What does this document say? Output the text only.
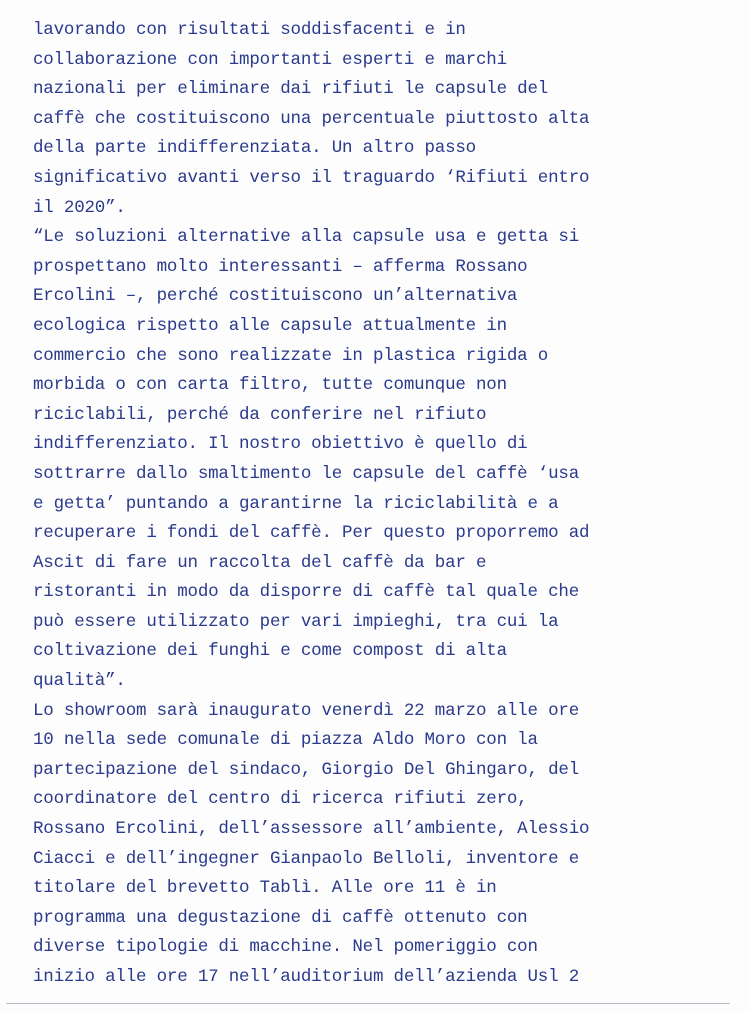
lavorando con risultati soddisfacenti e in
collaborazione con importanti esperti e marchi
nazionali per eliminare dai rifiuti le capsule del
caffè che costituiscono una percentuale piuttosto alta
della parte indifferenziata. Un altro passo
significativo avanti verso il traguardo ‘Rifiuti entro
il 2020”.
“Le soluzioni alternative alla capsule usa e getta si
prospettano molto interessanti – afferma Rossano
Ercolini –, perché costituiscono un’alternativa
ecologica rispetto alle capsule attualmente in
commercio che sono realizzate in plastica rigida o
morbida o con carta filtro, tutte comunque non
riciclabili, perché da conferire nel rifiuto
indifferenziato. Il nostro obiettivo è quello di
sottrarre dallo smaltimento le capsule del caffè ‘usa
e getta’ puntando a garantirne la riciclabilità e a
recuperare i fondi del caffè. Per questo proporremo ad
Ascit di fare un raccolta del caffè da bar e
ristoranti in modo da disporre di caffè tal quale che
può essere utilizzato per vari impieghi, tra cui la
coltivazione dei funghi e come compost di alta
qualità”.
Lo showroom sarà inaugurato venerdì 22 marzo alle ore
10 nella sede comunale di piazza Aldo Moro con la
partecipazione del sindaco, Giorgio Del Ghingaro, del
coordinatore del centro di ricerca rifiuti zero,
Rossano Ercolini, dell’assessore all’ambiente, Alessio
Ciacci e dell’ingegner Gianpaolo Belloli, inventore e
titolare del brevetto Tablì. Alle ore 11 è in
programma una degustazione di caffè ottenuto con
diverse tipologie di macchine. Nel pomeriggio con
inizio alle ore 17 nell’auditorium dell’azienda Usl 2
